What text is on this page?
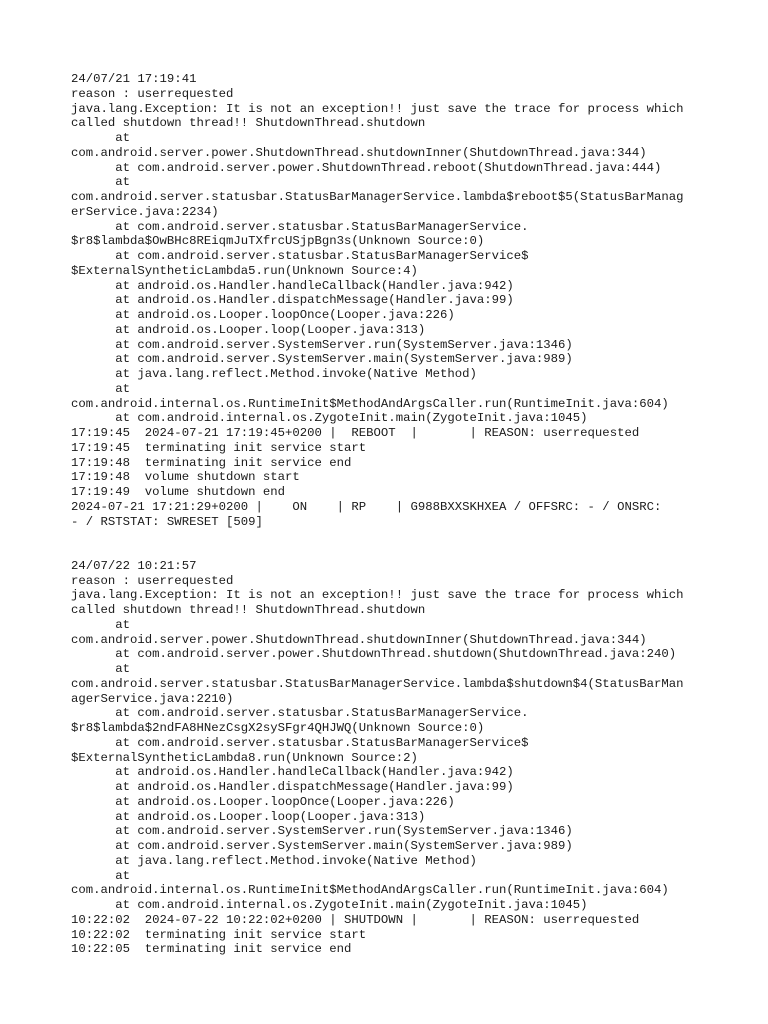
24/07/21 17:19:41
reason : userrequested
java.lang.Exception: It is not an exception!! just save the trace for process which
called shutdown thread!! ShutdownThread.shutdown
at
com.android.server.power.ShutdownThread.shutdownInner(ShutdownThread.java:344)
at com.android.server.power.ShutdownThread.reboot(ShutdownThread.java:444)
at
com.android.server.statusbar.StatusBarManagerService.lambda$reboot$5(StatusBarManag
erService.java:2234)
at com.android.server.statusbar.StatusBarManagerService.
$r8$lambda$OwBHc8REiqmJuTXfrcUSjpBgn3s(Unknown Source:0)
at com.android.server.statusbar.StatusBarManagerService$
$ExternalSyntheticLambda5.run(Unknown Source:4)
at android.os.Handler.handleCallback(Handler.java:942)
at android.os.Handler.dispatchMessage(Handler.java:99)
at android.os.Looper.loopOnce(Looper.java:226)
at android.os.Looper.loop(Looper.java:313)
at com.android.server.SystemServer.run(SystemServer.java:1346)
at com.android.server.SystemServer.main(SystemServer.java:989)
at java.lang.reflect.Method.invoke(Native Method)
at
com.android.internal.os.RuntimeInit$MethodAndArgsCaller.run(RuntimeInit.java:604)
at com.android.internal.os.ZygoteInit.main(ZygoteInit.java:1045)
17:19:45  2024-07-21 17:19:45+0200 |  REBOOT  |       | REASON: userrequested
17:19:45  terminating init service start
17:19:48  terminating init service end
17:19:48  volume shutdown start
17:19:49  volume shutdown end
2024-07-21 17:21:29+0200 |    ON    | RP    | G988BXXSKHXEA / OFFSRC: - / ONSRC:
- / RSTSTAT: SWRESET [509]
24/07/22 10:21:57
reason : userrequested
java.lang.Exception: It is not an exception!! just save the trace for process which
called shutdown thread!! ShutdownThread.shutdown
at
com.android.server.power.ShutdownThread.shutdownInner(ShutdownThread.java:344)
at com.android.server.power.ShutdownThread.shutdown(ShutdownThread.java:240)
at
com.android.server.statusbar.StatusBarManagerService.lambda$shutdown$4(StatusBarMan
agerService.java:2210)
at com.android.server.statusbar.StatusBarManagerService.
$r8$lambda$2ndFA8HNezCsgX2sySFgr4QHJWQ(Unknown Source:0)
at com.android.server.statusbar.StatusBarManagerService$
$ExternalSyntheticLambda8.run(Unknown Source:2)
at android.os.Handler.handleCallback(Handler.java:942)
at android.os.Handler.dispatchMessage(Handler.java:99)
at android.os.Looper.loopOnce(Looper.java:226)
at android.os.Looper.loop(Looper.java:313)
at com.android.server.SystemServer.run(SystemServer.java:1346)
at com.android.server.SystemServer.main(SystemServer.java:989)
at java.lang.reflect.Method.invoke(Native Method)
at
com.android.internal.os.RuntimeInit$MethodAndArgsCaller.run(RuntimeInit.java:604)
at com.android.internal.os.ZygoteInit.main(ZygoteInit.java:1045)
10:22:02  2024-07-22 10:22:02+0200 | SHUTDOWN |       | REASON: userrequested
10:22:02  terminating init service start
10:22:05  terminating init service end
